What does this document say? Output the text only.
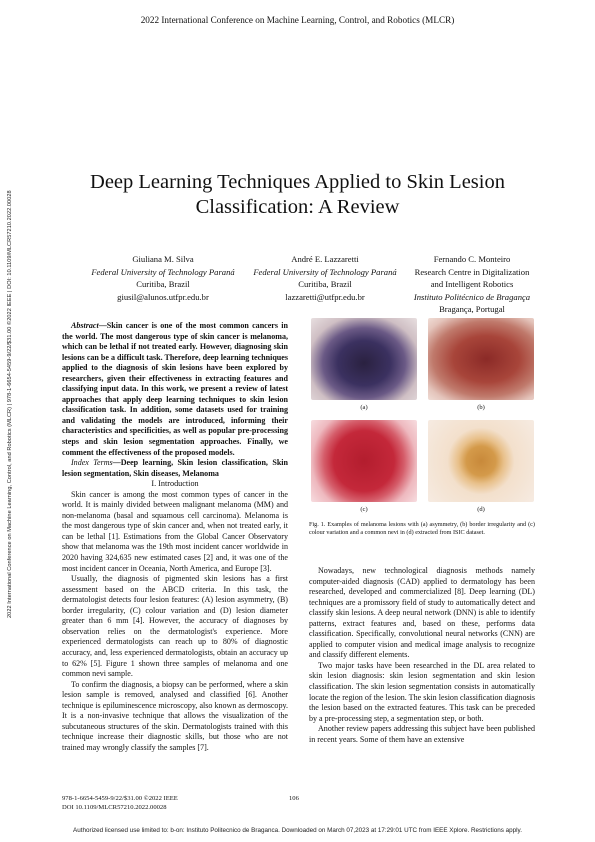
2022 International Conference on Machine Learning, Control, and Robotics (MLCR)
Deep Learning Techniques Applied to Skin Lesion
Classification: A Review
Giuliana M. Silva
Federal University of Technology Paraná
Curitiba, Brazil
giusil@alunos.utfpr.edu.br
André E. Lazzaretti
Federal University of Technology Paraná
Curitiba, Brazil
lazzaretti@utfpr.edu.br
Fernando C. Monteiro
Research Centre in Digitalization
and Intelligent Robotics
Instituto Politécnico de Bragança
Bragança, Portugal
2022 International Conference on Machine Learning, Control, and Robotics (MLCR) | 978-1-6654-5459-9/22/$31.00 ©2022 IEEE | DOI: 10.1109/MLCR57210.2022.00028	Abstract—Skin cancer is one of the most common cancers in the world. The most dangerous type of skin cancer is melanoma, which can be lethal if not treated early. However, diagnosing skin lesions can be a difficult task. Therefore, deep learning techniques applied to the diagnosis of skin lesions have been explored by researchers, given their effectiveness in extracting features and classifying input data. In this work, we present a review of latest approaches that apply deep learning techniques to skin lesion classification task. In addition, some datasets used for training and validating the models are introduced, informing their characteristics and specificities, as well as popular pre-processing steps and skin lesion segmentation approaches. Finally, we comment the effectiveness of the proposed models.

Index Terms—Deep learning, Skin lesion classification, Skin lesion segmentation, Skin diseases, Melanoma

I. Introduction

Skin cancer is among the most common types of cancer in the world. It is mainly divided between malignant melanoma (MM) and non-melanoma (basal and squamous cell carcinoma). Melanoma is the most dangerous type of skin cancer and, when not treated early, it can be lethal [1]. Estimations from the Global Cancer Observatory show that melanoma was the 19th most incident cancer worldwide in 2020 having 324,635 new estimated cases [2] and, it was one of the most incident cancer in Oceania, North America, and Europe [3].

Usually, the diagnosis of pigmented skin lesions has a first assessment based on the ABCD criteria. In this task, the dermatologist detects four lesion features: (A) lesion asymmetry, (B) border irregularity, (C) colour variation and (D) lesion diameter greater than 6 mm [4]. However, the accuracy of diagnoses by observation relies on the dermatologist's experience. More experienced dermatologists can reach up to 80% of diagnostic accuracy, and, less experienced dermatologists, obtain an accuracy up to 62% [5]. Figure 1 shown three samples of melanoma and one common nevi sample.

To confirm the diagnosis, a biopsy can be performed, where a skin lesion sample is removed, analysed and classified [6]. Another technique is epiluminescence microscopy, also known as dermoscopy. It is a non-invasive technique that allows the visualization of the subcutaneous structures of the skin. Dermatologists trained with this technique increase their diagnostic skills, but those who are not trained may wrongly classify the samples [7].

(a)	(b)
(c)	(d)
Fig. 1. Examples of melanoma lesions with (a) asymmetry, (b) border irregularity and (c) colour variation and a common nevi in (d) extracted from ISIC dataset.

Nowadays, new technological diagnosis methods namely computer-aided diagnosis (CAD) applied to dermatology has been researched, developed and commercialized [8]. Deep learning (DL) techniques are a promissory field of study to automatically detect and classify skin lesions. A deep neural network (DNN) is able to identify patterns, extract features and, based on these, performs data classification. Specifically, convolutional neural networks (CNN) are applied to computer vision and medical image analysis to recognize and classify different elements.

Two major tasks have been researched in the DL area related to skin lesion diagnosis: skin lesion segmentation and skin lesion classification. The skin lesion segmentation consists in automatically locate the region of the lesion. The skin lesion classification diagnosis the lesion based on the extracted features. This task can be preceded by a pre-processing step, a segmentation step, or both.

Another review papers addressing this subject have been published in recent years. Some of them have an extensive

978-1-6654-5459-9/22/$31.00 ©2022 IEEE
DOI 10.1109/MLCR57210.2022.00028
106
Authorized licensed use limited to: b-on: Instituto Politecnico de Braganca. Downloaded on March 07,2023 at 17:29:01 UTC from IEEE Xplore. Restrictions apply.
